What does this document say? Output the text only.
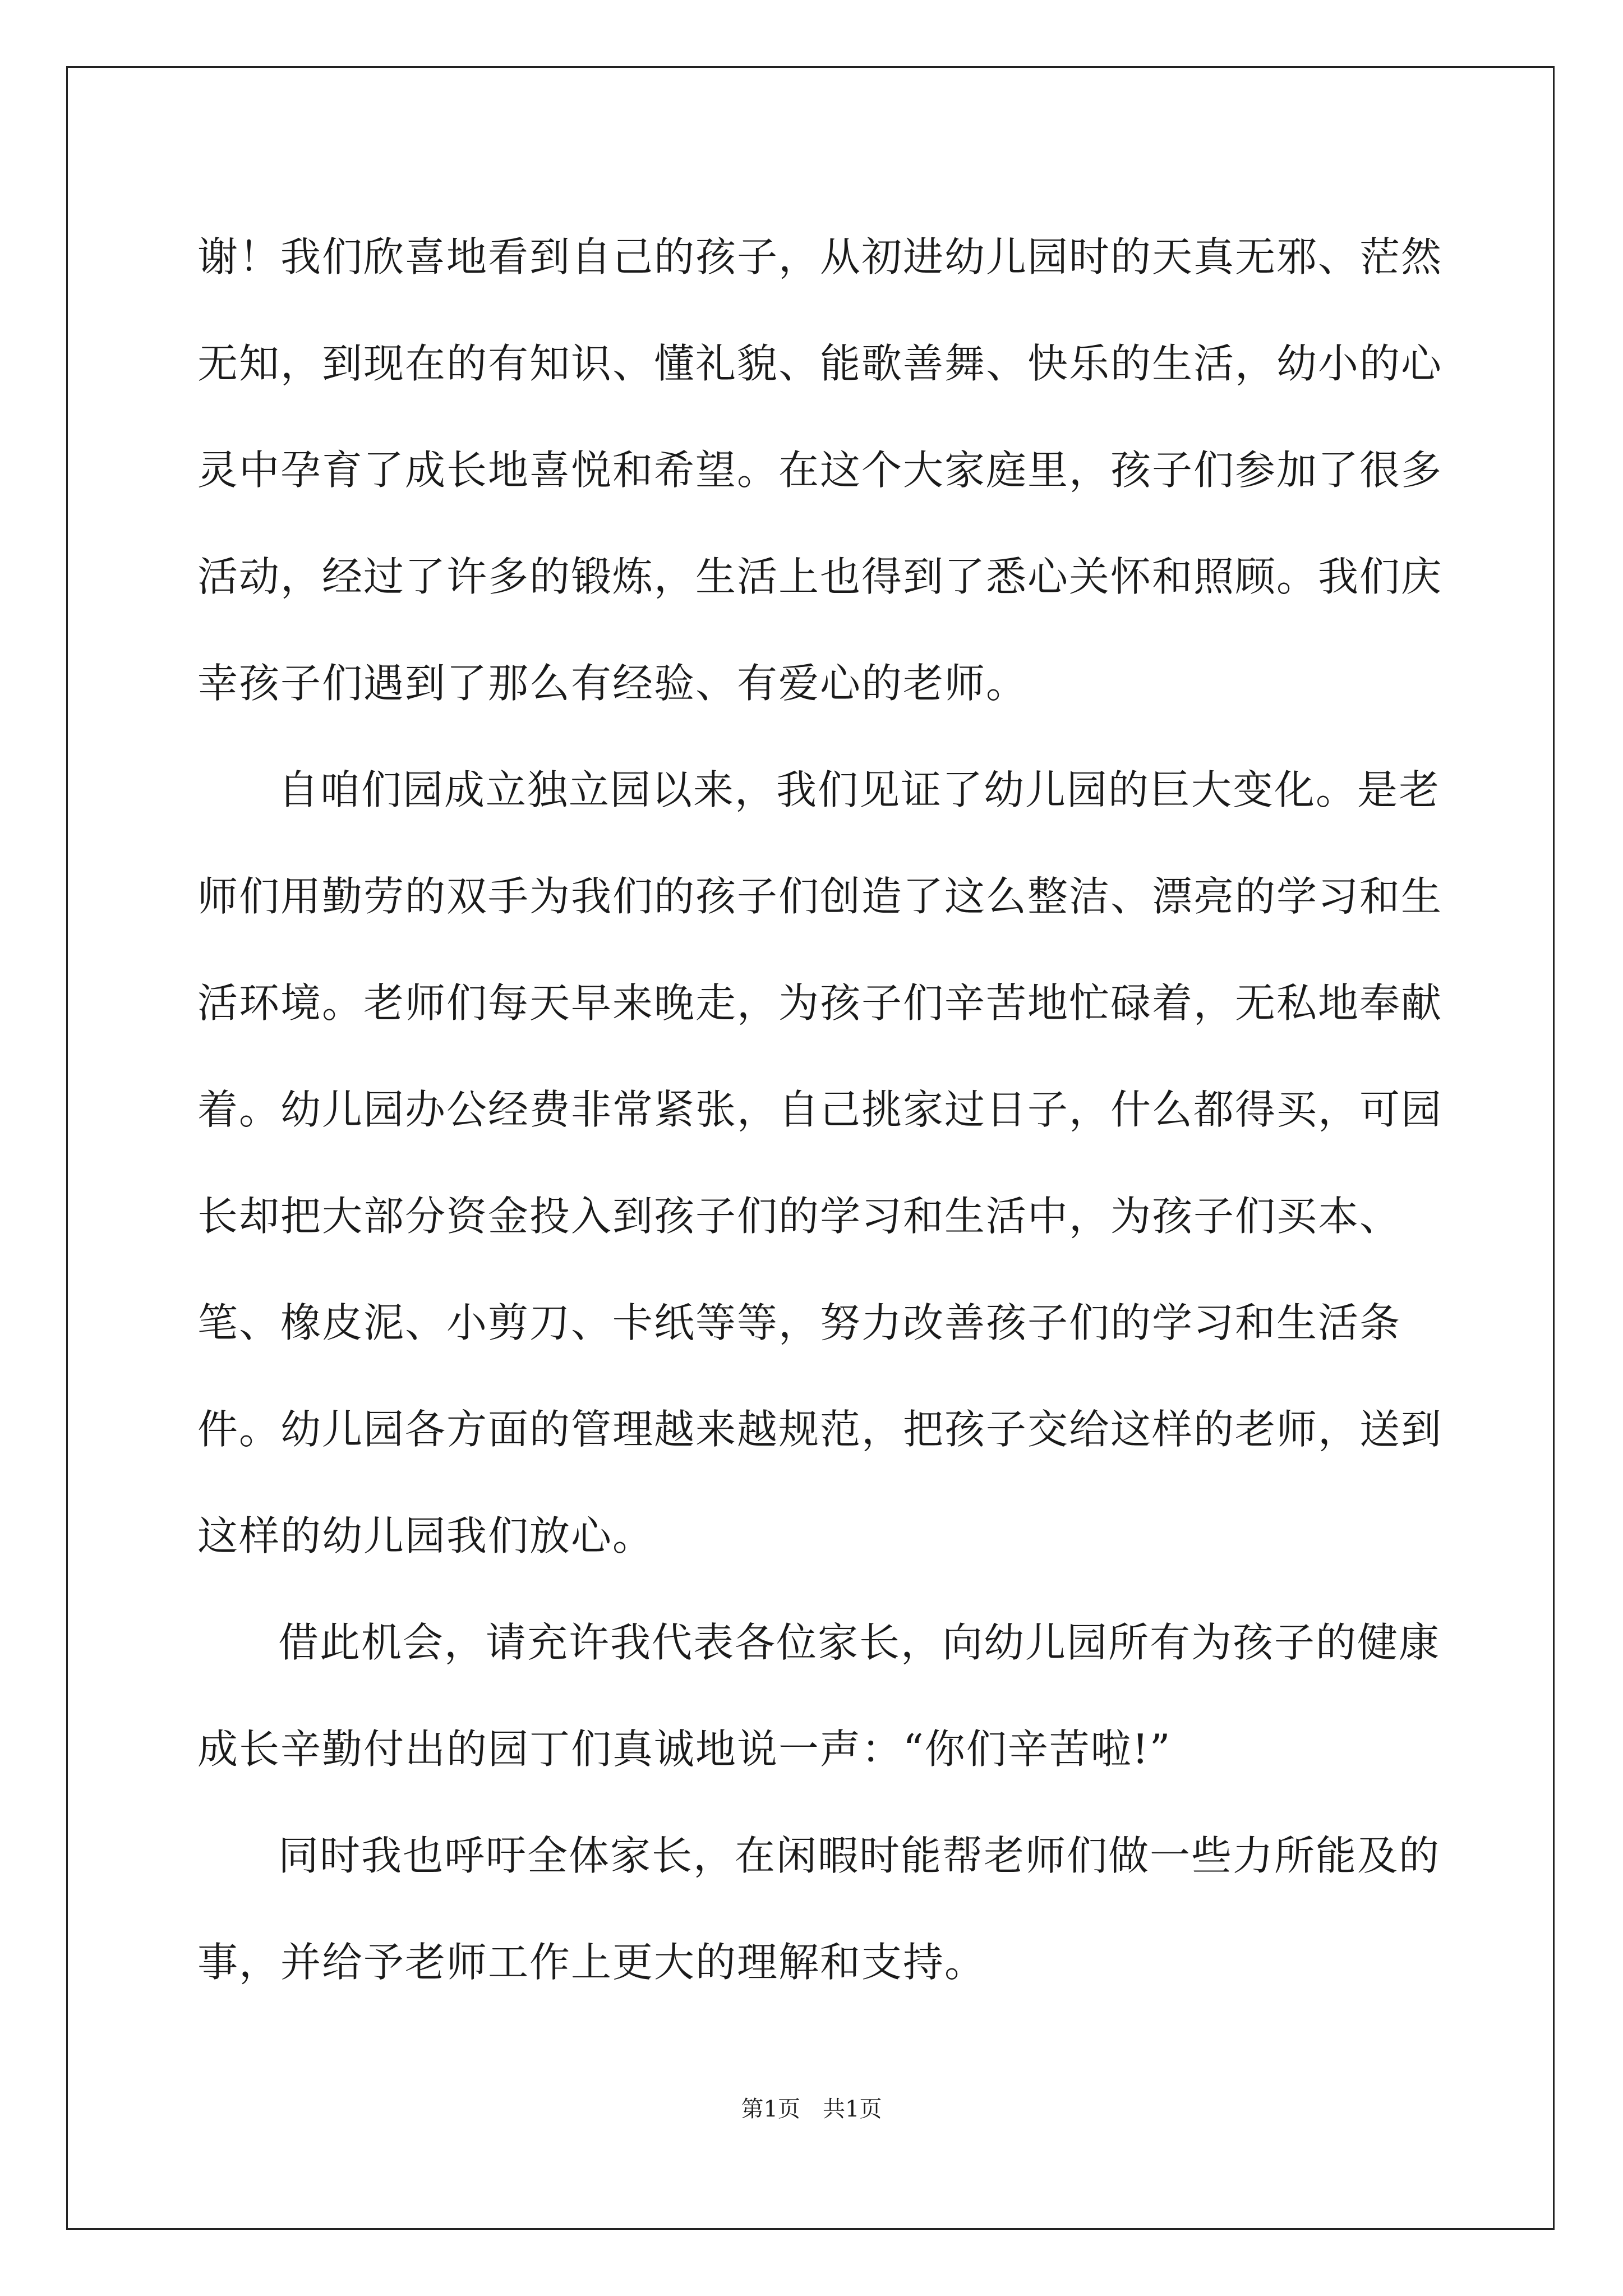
谢！我们欣喜地看到自己的孩子，从初进幼儿园时的天真无邪、茫然无知，到现在的有知识、懂礼貌、能歌善舞、快乐的生活，幼小的心灵中孕育了成长地喜悦和希望。在这个大家庭里，孩子们参加了很多活动，经过了许多的锻炼，生活上也得到了悉心关怀和照顾。我们庆幸孩子们遇到了那么有经验、有爱心的老师。

自咱们园成立独立园以来，我们见证了幼儿园的巨大变化。是老师们用勤劳的双手为我们的孩子们创造了这么整洁、漂亮的学习和生活环境。老师们每天早来晚走，为孩子们辛苦地忙碌着，无私地奉献着。幼儿园办公经费非常紧张，自己挑家过日子，什么都得买，可园长却把大部分资金投入到孩子们的学习和生活中，为孩子们买本、笔、橡皮泥、小剪刀、卡纸等等，努力改善孩子们的学习和生活条件。幼儿园各方面的管理越来越规范，把孩子交给这样的老师，送到这样的幼儿园我们放心。

借此机会，请充许我代表各位家长，向幼儿园所有为孩子的健康成长辛勤付出的园丁们真诚地说一声：“你们辛苦啦!”

同时我也呼吁全体家长，在闲暇时能帮老师们做一些力所能及的事，并给予老师工作上更大的理解和支持。

第1页　共1页
